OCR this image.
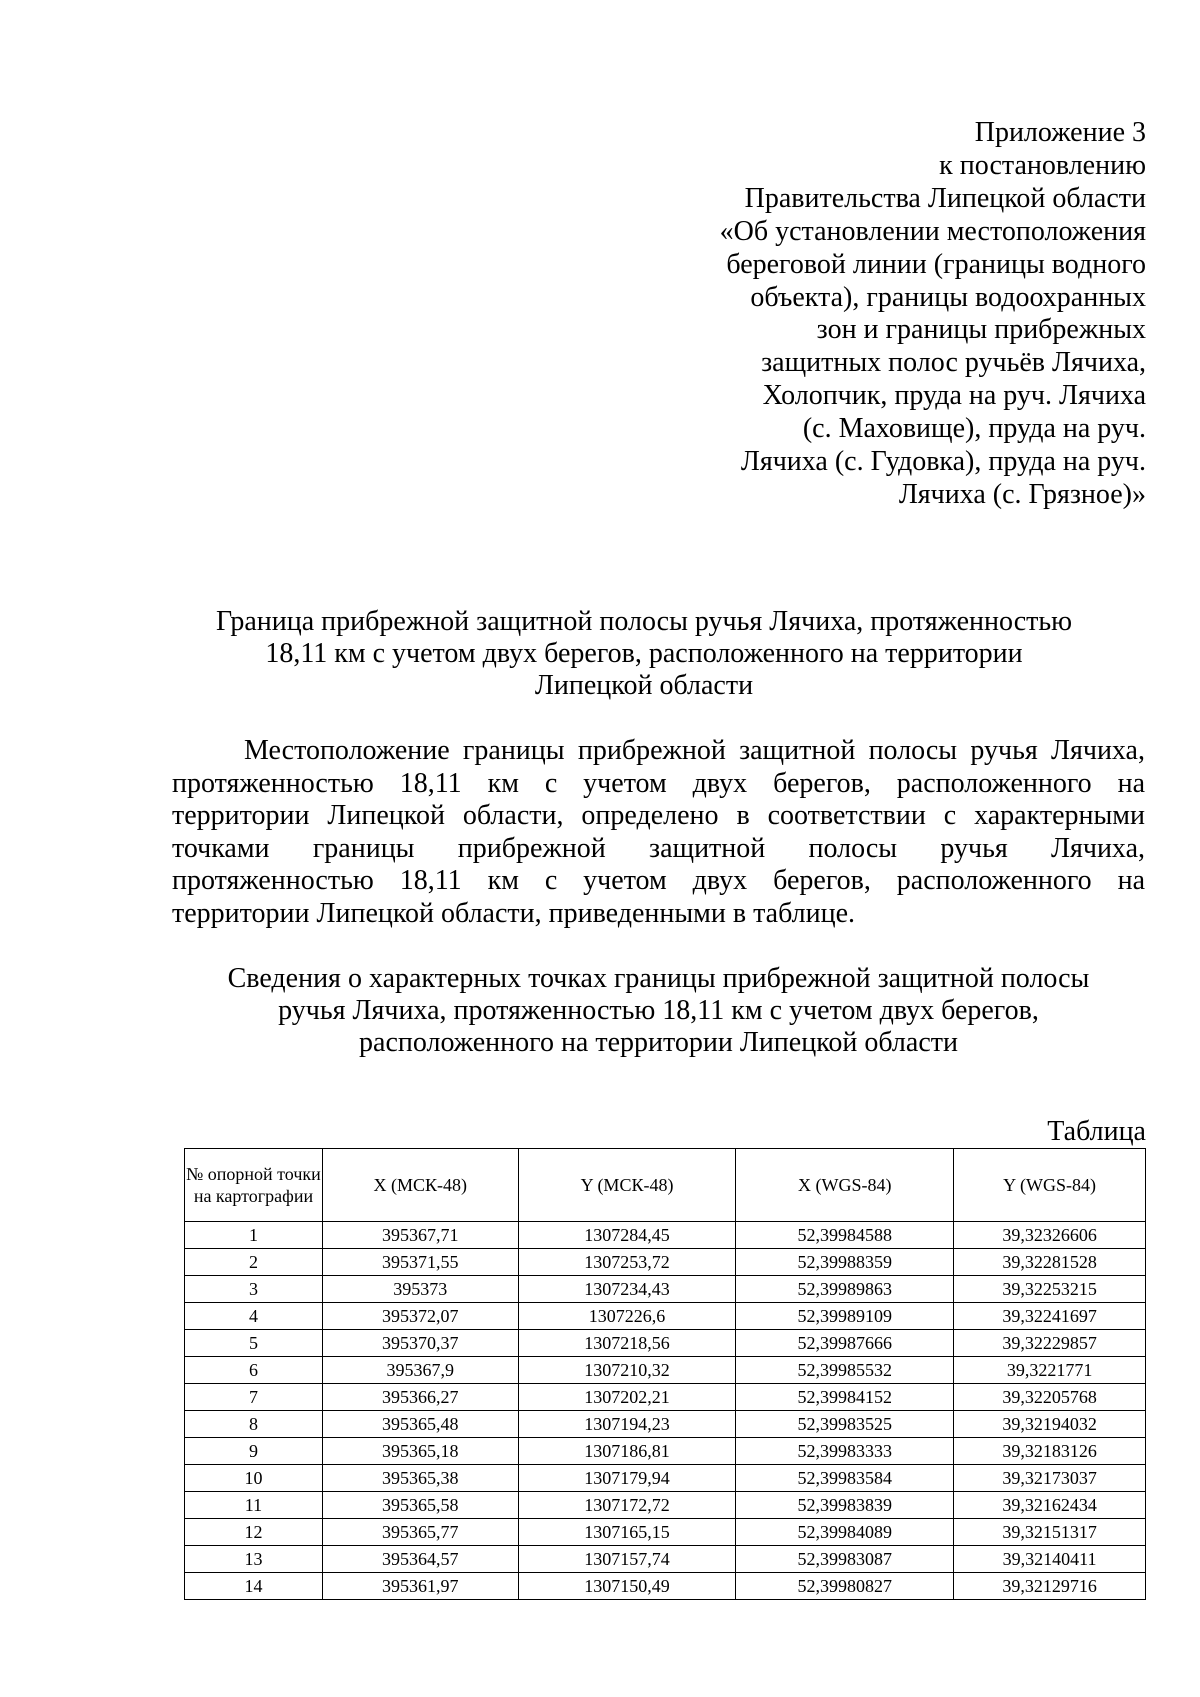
Приложение 3
к постановлению
Правительства Липецкой области
«Об установлении местоположения
береговой линии (границы водного
объекта), границы водоохранных
зон и границы прибрежных
защитных полос ручьёв Лячиха,
Холопчик, пруда на руч. Лячиха
(с. Маховище), пруда на руч.
Лячиха (с. Гудовка), пруда на руч.
Лячиха (с. Грязное)»
Граница прибрежной защитной полосы ручья Лячиха, протяженностью
18,11 км с учетом двух берегов, расположенного на территории
Липецкой области
Местоположение границы прибрежной защитной полосы ручья Лячиха,
протяженностью 18,11 км с учетом двух берегов, расположенного на
территории Липецкой области, определено в соответствии с характерными
точками границы прибрежной защитной полосы ручья Лячиха,
протяженностью 18,11 км с учетом двух берегов, расположенного на
территории Липецкой области, приведенными в таблице.
Сведения о характерных точках границы прибрежной защитной полосы
ручья Лячиха, протяженностью 18,11 км с учетом двух берегов,
расположенного на территории Липецкой области
Таблица
№ опорной точки на картографии	X (МСК-48)	Y (МСК-48)	X (WGS-84)	Y (WGS-84)
1	395367,71	1307284,45	52,39984588	39,32326606
2	395371,55	1307253,72	52,39988359	39,32281528
3	395373	1307234,43	52,39989863	39,32253215
4	395372,07	1307226,6	52,39989109	39,32241697
5	395370,37	1307218,56	52,39987666	39,32229857
6	395367,9	1307210,32	52,39985532	39,3221771
7	395366,27	1307202,21	52,39984152	39,32205768
8	395365,48	1307194,23	52,39983525	39,32194032
9	395365,18	1307186,81	52,39983333	39,32183126
10	395365,38	1307179,94	52,39983584	39,32173037
11	395365,58	1307172,72	52,39983839	39,32162434
12	395365,77	1307165,15	52,39984089	39,32151317
13	395364,57	1307157,74	52,39983087	39,32140411
14	395361,97	1307150,49	52,39980827	39,32129716
